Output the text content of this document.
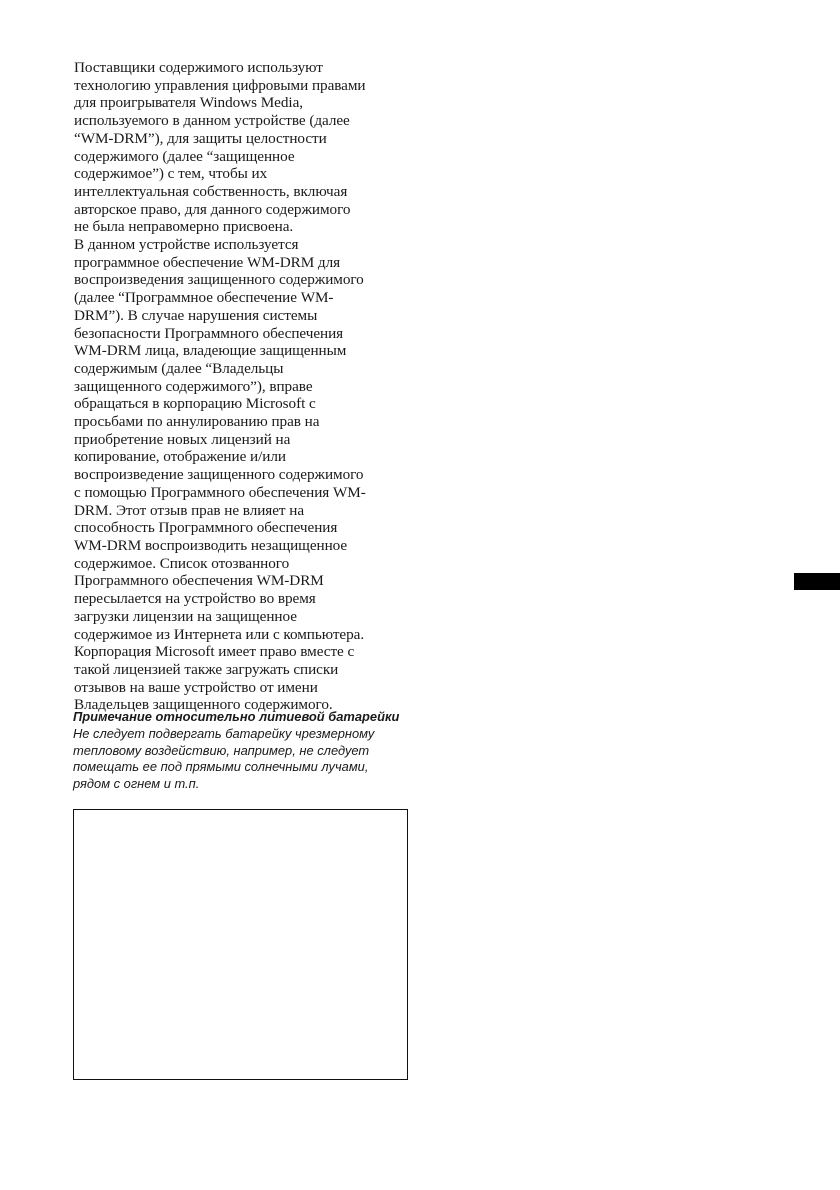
Поставщики содержимого используют
технологию управления цифровыми правами
для проигрывателя Windows Media,
используемого в данном устройстве (далее
“WM-DRM”), для защиты целостности
содержимого (далее “защищенное
содержимое”) с тем, чтобы их
интеллектуальная собственность, включая
авторское право, для данного содержимого
не была неправомерно присвоена.
В данном устройстве используется
программное обеспечение WM-DRM для
воспроизведения защищенного содержимого
(далее “Программное обеспечение WM-
DRM”). В случае нарушения системы
безопасности Программного обеспечения
WM-DRM лица, владеющие защищенным
содержимым (далее “Владельцы
защищенного содержимого”), вправе
обращаться в корпорацию Microsoft с
просьбами по аннулированию прав на
приобретение новых лицензий на
копирование, отображение и/или
воспроизведение защищенного содержимого
с помощью Программного обеспечения WM-
DRM. Этот отзыв прав не влияет на
способность Программного обеспечения
WM-DRM воспроизводить незащищенное
содержимое. Список отозванного
Программного обеспечения WM-DRM
пересылается на устройство во время
загрузки лицензии на защищенное
содержимое из Интернета или с компьютера.
Корпорация Microsoft имеет право вместе с
такой лицензией также загружать списки
отзывов на ваше устройство от имени
Владельцев защищенного содержимого.
Примечание относительно литиевой батарейки
Не следует подвергать батарейку чрезмерному
тепловому воздействию, например, не следует
помещать ее под прямыми солнечными лучами,
рядом с огнем и т.п.
